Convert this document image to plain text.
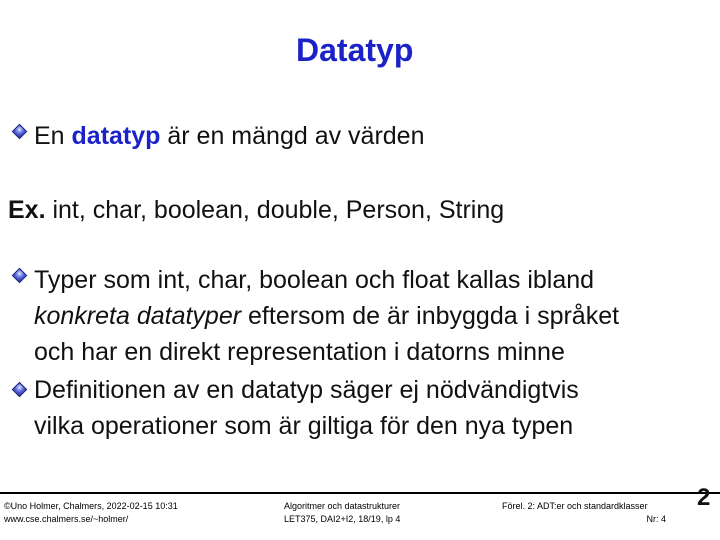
Datatyp
En datatyp är en mängd av värden
Ex. int, char, boolean, double, Person, String
Typer som int, char, boolean och float kallas ibland
konkreta datatyper eftersom de är inbyggda i språket
och har en direkt representation i datorns minne
Definitionen av en datatyp säger ej nödvändigtvis
vilka operationer som är giltiga för den nya typen
©Uno Holmer, Chalmers, 2022-02-15 10:31
www.cse.chalmers.se/~holmer/
Algoritmer och datastrukturer
LET375, DAI2+I2, 18/19, lp 4
Förel. 2: ADT:er och standardklasser
Nr: 4
2
